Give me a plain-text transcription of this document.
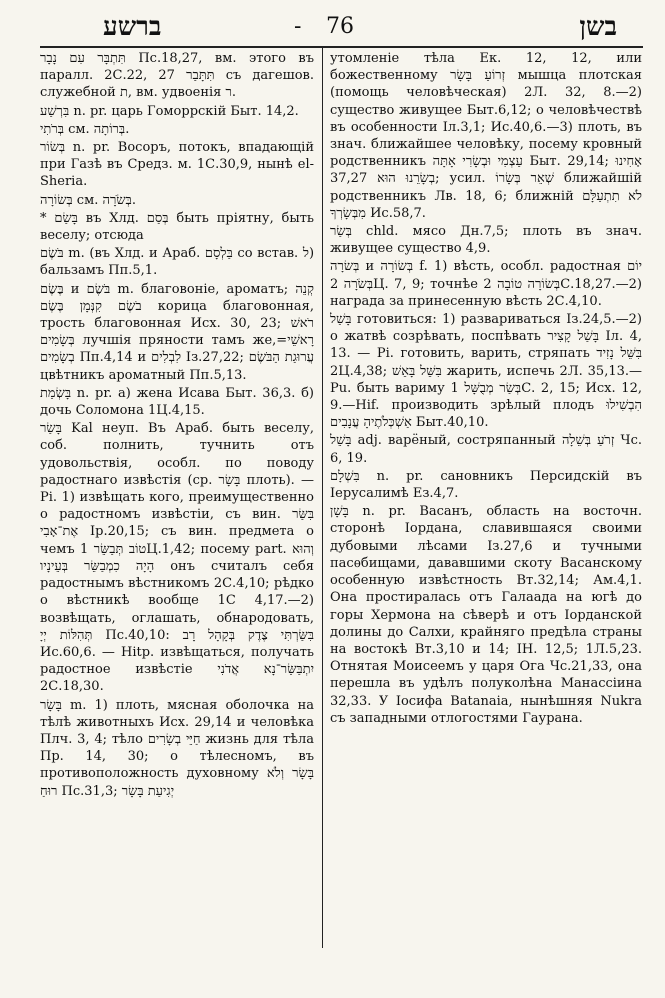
ברשע	- 76	בשן

תִּתְבָּר עִם נָבָר Пс.18,27, вм. этого въ паралл. 2С.22, 27 תִּתָּבַר съ дагешов. служебной ת, вм. удвоенія ר.

בִּרְשַׁע n. pr. царь Гоморрскій Быт. 14,2.

בְּרֹתִי см. בְּרוֹתָה.

בְּשׂוֹר n. pr. Восоръ, потокъ, впадающій при Газѣ въ Средз. м. 1С.30,9, нынѣ el-Sheria.

בְּשׂוֹרָה см. בְּשֹׂרָה.

* בָּשַׂם въ Хлд. בְּסַם быть пріятну, быть весeлу; отсюда

בֹּשֶׂם m. (въ Хлд. и Араб. בַּלְסָם со встав. ל) бальзамъ Пп.5,1.

בֶּשֶׂם и בֹּשֶׂם m. благовоніе, ароматъ; קְנֵה בֹשֶׂם קִנְּמָן בֶּשֶׂם корица благовонная, трость благовонная Исх. 30, 23; רֹאשׁ בְּשָׂמִים лучшія пряности тамъ же,=רָאשֵׁי בְשָׂמִים Пп.4,14 и לִבְלִים Iз.27,22; עֲרוּגַת הַבֹּשֶׂם цвѣтникъ ароматный Пп.5,13.

בָּשְׂמַת n. pr. а) жена Исава Быт. 36,3. б) дочь Соломона 1Ц.4,15.

בָּשַׂר Kal неуп. Въ Араб. быть весeлу, соб. полнить, тучнить отъ удовольствія, особл. по поводу радостнаго извѣстія (ср. בָּשָׂר плоть). —Pi. 1) извѣщать кого, преимущественно о радостномъ извѣстіи, съ вин. בִּשַּׂר אֶת־אָבִי Ір.20,15; съ вин. предмета о чемъ טוֹב תְּבַשֵּׂר 1Ц.1,42; посему part. וְהוּא הָיָה כִמְבַשֵּׂר בְּעֵינָיו онъ считалъ себя радостнымъ вѣстникомъ 2С.4,10; рѣдко о вѣстникѣ вообще 1С 4,17.—2) возвѣщать, оглашать, обнародовать, תְּהִלּוֹת יְיָ Пс.40,10: בִּשַּׂרְתִּי צֶדֶק בְּקָהָל רָב Ис.60,6. — Hitp. извѣщаться, получать радостное извѣстіе יִתְבַּשַּׂר־נָא אֲדֹנִי 2С.18,30.

בָּשָׂר m. 1) плоть, мясная оболочка на тѣлѣ животныхъ Исх. 29,14 и человѣка Плч. 3, 4; тѣло חַיֵּי בְשָׂרִים жизнь для тѣла Пр. 14, 30; о тѣлесномъ, въ противоположность духовному בָּשָׂר וְלֹא רוּחַ Пс.31,3; יְגִיעַת בָּשָׂר

утомленіе тѣла Ек. 12, 12, или божественному זְרוֹעַ בָּשָׂר мышца плотская (помощь человѣческая) 2Л. 32, 8.—2) существо живущее Быт.6,12; о человѣчествѣ въ особенности Iл.3,1; Ис.40,6.—3) плоть, въ знач. ближайшее человѣку, посему кровный родственникъ עַצְמִי וּבְשָׂרִי אָתָּה Быт. 29,14; אָחִינוּ בְשָׂרֵנוּ הוּא 37,27; усил. שְׁאֵר בְּשָׂרוֹ ближайшій родственникъ Лв. 18, 6; ближній לֹא תִתְעַלָּם מִבְּשָׂרְךָ Ис.58,7.

בְּשַׂר chld. мясо Дн.7,5; плоть въ знач. живущее существо 4,9.

בְּשׂרָה и בְּשׂוֹרָה f. 1) вѣсть, особл. радостная יוֹם בְּשֹׂרָה 2Ц. 7, 9; точнѣе בְּשׂוֹרָה טוֹבָה 2С.18,27.—2) награда за принесенную вѣсть 2С.4,10.

בָּשַׁל готовиться: 1) развариваться Iз.24,5.—2) о жатвѣ созрѣвать, поспѣвать בָּשַׁל קָצִיר Іл. 4, 13. — Pi. готовить, варить, стряпать בִּשֵּׁל נָזִיד 2Ц.4,38; בִּשֵּׁל בָּאֵשׁ жарить, испечь 2Л. 35,13.—Pu. быть вариму בְּשַׂר מְבֻשָּׁל 1С. 2, 15; Исх. 12, 9.—Hif. производить зрѣлый плодъ הִבְשִׁילוּ אַשְׁכְּלֹתֶיהָ עֲנָבִים Быт.40,10.

בָּשֵׁל adj. варёный, состряпанный זְרֹעַ בְּשֵׁלָה Чс. 6, 19.

בִּשְׁלָם n. pr. сановникъ Персидскій въ Іерусалимѣ Ез.4,7.

בָּשָׁן n. pr. Васанъ, область на восточн. сторонѣ Іордана, славившаяся своими дубовыми лѣсами Із.27,6 и тучными пасѳбищами, дававшими скоту Васанскому особенную извѣстность Вт.32,14; Ам.4,1. Она простиралась отъ Галаада на югѣ до горы Хермона на сѣверѣ и отъ Іорданской долины до Салхи, крайняго предѣла страны на востокѣ Вт.3,10 и 14; IН. 12,5; 1Л.5,23. Отнятая Моисеемъ у царя Ога Чс.21,33, она перешла въ удѣлъ полуколѣна Манассіина 32,33. У Іосифа Batanaia, нынѣшняя Nukra съ западными отлогостями Гаурана.
